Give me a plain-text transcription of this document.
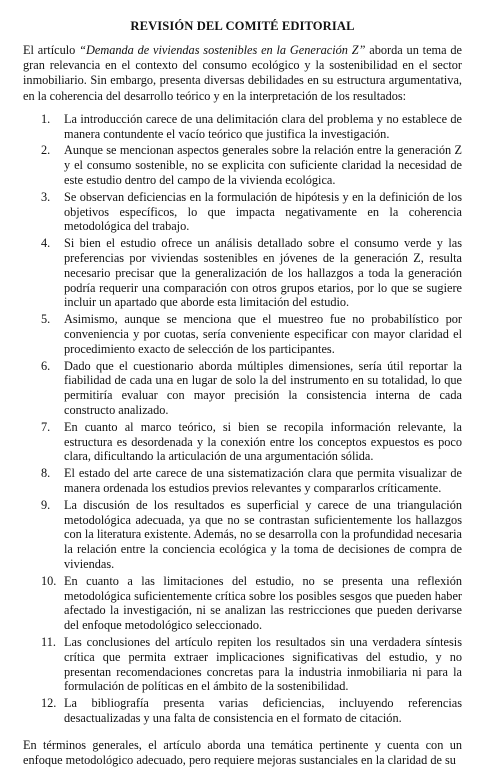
REVISIÓN DEL COMITÉ EDITORIAL

El artículo “Demanda de viviendas sostenibles en la Generación Z” aborda un tema de gran relevancia en el contexto del consumo ecológico y la sostenibilidad en el sector inmobiliario. Sin embargo, presenta diversas debilidades en su estructura argumentativa, en la coherencia del desarrollo teórico y en la interpretación de los resultados:

1.	La introducción carece de una delimitación clara del problema y no establece de manera contundente el vacío teórico que justifica la investigación.
2.	Aunque se mencionan aspectos generales sobre la relación entre la generación Z y el consumo sostenible, no se explicita con suficiente claridad la necesidad de este estudio dentro del campo de la vivienda ecológica.
3.	Se observan deficiencias en la formulación de hipótesis y en la definición de los objetivos específicos, lo que impacta negativamente en la coherencia metodológica del trabajo.
4.	Si bien el estudio ofrece un análisis detallado sobre el consumo verde y las preferencias por viviendas sostenibles en jóvenes de la generación Z, resulta necesario precisar que la generalización de los hallazgos a toda la generación podría requerir una comparación con otros grupos etarios, por lo que se sugiere incluir un apartado que aborde esta limitación del estudio.
5.	Asimismo, aunque se menciona que el muestreo fue no probabilístico por conveniencia y por cuotas, sería conveniente especificar con mayor claridad el procedimiento exacto de selección de los participantes.
6.	Dado que el cuestionario aborda múltiples dimensiones, sería útil reportar la fiabilidad de cada una en lugar de solo la del instrumento en su totalidad, lo que permitiría evaluar con mayor precisión la consistencia interna de cada constructo analizado.
7.	En cuanto al marco teórico, si bien se recopila información relevante, la estructura es desordenada y la conexión entre los conceptos expuestos es poco clara, dificultando la articulación de una argumentación sólida.
8.	El estado del arte carece de una sistematización clara que permita visualizar de manera ordenada los estudios previos relevantes y compararlos críticamente.
9.	La discusión de los resultados es superficial y carece de una triangulación metodológica adecuada, ya que no se contrastan suficientemente los hallazgos con la literatura existente. Además, no se desarrolla con la profundidad necesaria la relación entre la conciencia ecológica y la toma de decisiones de compra de viviendas.
10. En cuanto a las limitaciones del estudio, no se presenta una reflexión metodológica suficientemente crítica sobre los posibles sesgos que pueden haber afectado la investigación, ni se analizan las restricciones que pueden derivarse del enfoque metodológico seleccionado.
11. Las conclusiones del artículo repiten los resultados sin una verdadera síntesis crítica que permita extraer implicaciones significativas del estudio, y no presentan recomendaciones concretas para la industria inmobiliaria ni para la formulación de políticas en el ámbito de la sostenibilidad.
12. La bibliografía presenta varias deficiencias, incluyendo referencias desactualizadas y una falta de consistencia en el formato de citación.

En términos generales, el artículo aborda una temática pertinente y cuenta con un enfoque metodológico adecuado, pero requiere mejoras sustanciales en la claridad de su
